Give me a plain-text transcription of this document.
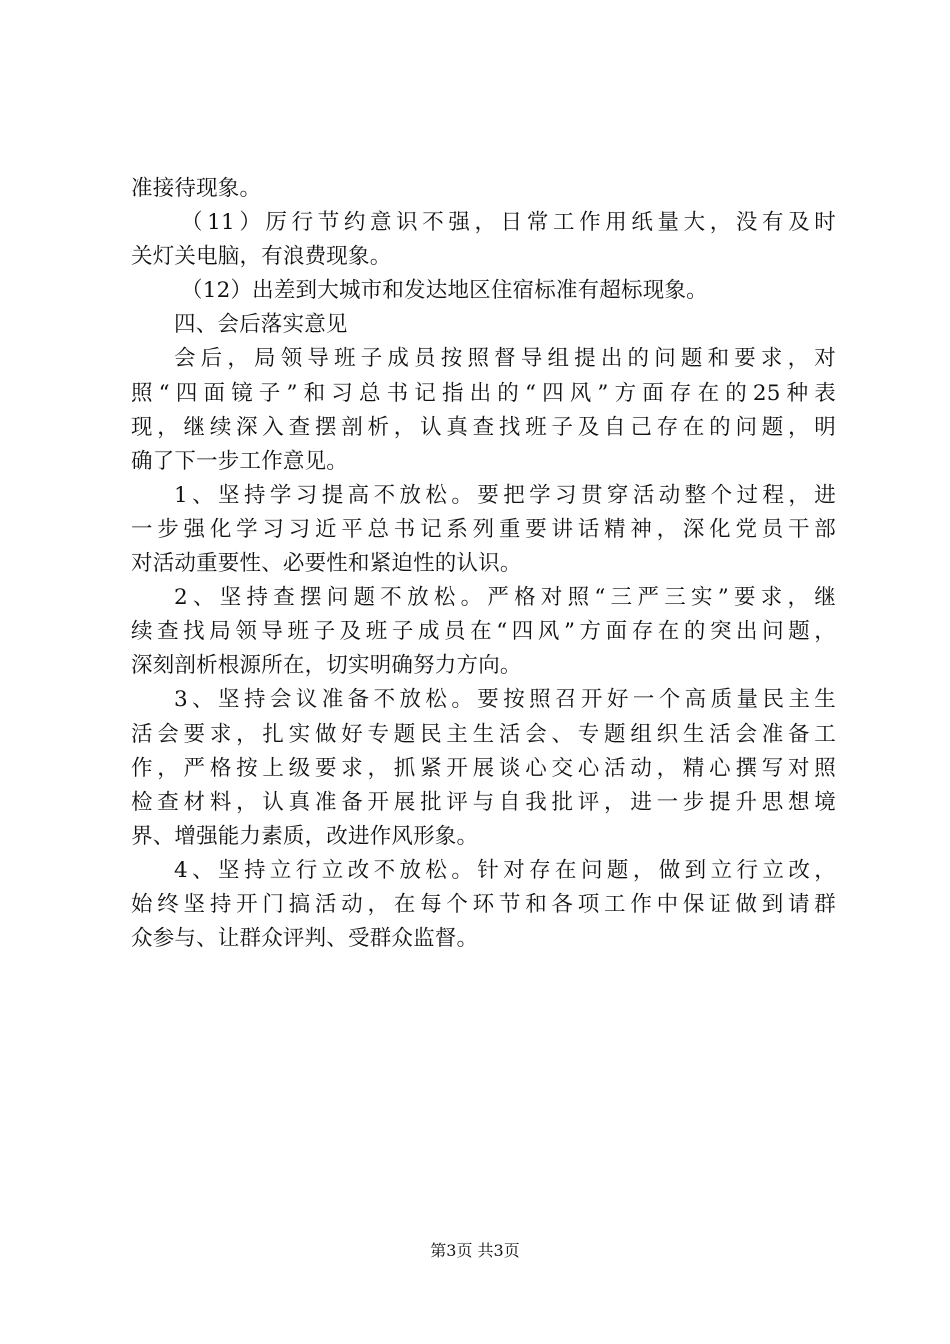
准接待现象。
（11）厉行节约意识不强，日常工作用纸量大，没有及时
关灯关电脑，有浪费现象。
（12）出差到大城市和发达地区住宿标准有超标现象。
四、会后落实意见
会后，局领导班子成员按照督导组提出的问题和要求，对
照“四面镜子”和习总书记指出的“四风”方面存在的25种表
现，继续深入查摆剖析，认真查找班子及自己存在的问题，明
确了下一步工作意见。
1、坚持学习提高不放松。要把学习贯穿活动整个过程，进
一步强化学习习近平总书记系列重要讲话精神，深化党员干部
对活动重要性、必要性和紧迫性的认识。
2、坚持查摆问题不放松。严格对照“三严三实”要求，继
续查找局领导班子及班子成员在“四风”方面存在的突出问题，
深刻剖析根源所在，切实明确努力方向。
3、坚持会议准备不放松。要按照召开好一个高质量民主生
活会要求，扎实做好专题民主生活会、专题组织生活会准备工
作，严格按上级要求，抓紧开展谈心交心活动，精心撰写对照
检查材料，认真准备开展批评与自我批评，进一步提升思想境
界、增强能力素质，改进作风形象。
4、坚持立行立改不放松。针对存在问题，做到立行立改，
始终坚持开门搞活动，在每个环节和各项工作中保证做到请群
众参与、让群众评判、受群众监督。
第3页 共3页
